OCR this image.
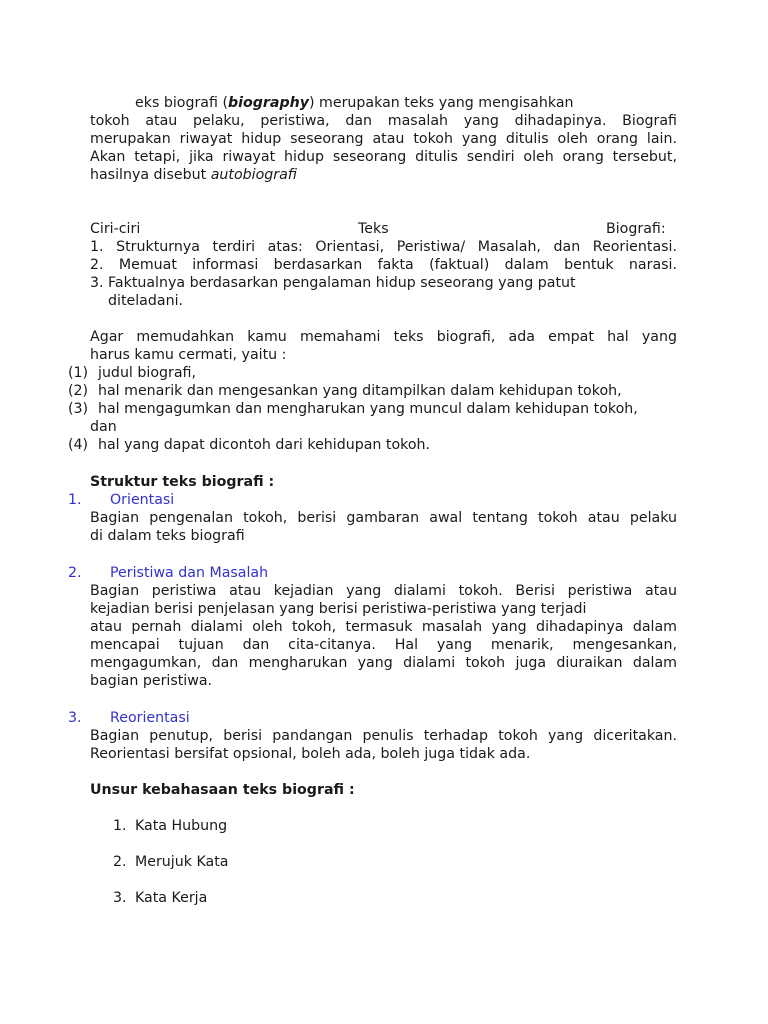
eks biografi (biography) merupakan teks yang mengisahkan
tokoh atau pelaku, peristiwa, dan masalah yang dihadapinya. Biografi
merupakan riwayat hidup seseorang atau tokoh yang ditulis oleh orang lain.
Akan tetapi, jika riwayat hidup seseorang ditulis sendiri oleh orang tersebut,
hasilnya disebut autobiografi
Ciri-ciri	Teks	Biografi:
1. Strukturnya terdiri atas: Orientasi, Peristiwa/ Masalah, dan Reorientasi.
2. Memuat informasi berdasarkan fakta (faktual) dalam bentuk narasi.
3. Faktualnya berdasarkan pengalaman hidup seseorang yang patut
diteladani.
Agar memudahkan kamu memahami teks biografi, ada empat hal yang
harus kamu cermati, yaitu :
(1) judul biografi,
(2) hal menarik dan mengesankan yang ditampilkan dalam kehidupan tokoh,
(3) hal mengagumkan dan mengharukan yang muncul dalam kehidupan tokoh,
dan
(4) hal yang dapat dicontoh dari kehidupan tokoh.
Struktur teks biografi :
1. Orientasi
Bagian pengenalan tokoh, berisi gambaran awal tentang tokoh atau pelaku
di dalam teks biografi
2. Peristiwa dan Masalah
Bagian peristiwa atau kejadian yang dialami tokoh. Berisi peristiwa atau
kejadian berisi penjelasan yang berisi peristiwa-peristiwa yang terjadi
atau pernah dialami oleh tokoh, termasuk masalah yang dihadapinya dalam
mencapai tujuan dan cita-citanya. Hal yang menarik, mengesankan,
mengagumkan, dan mengharukan yang dialami tokoh juga diuraikan dalam
bagian peristiwa.
3. Reorientasi
Bagian penutup, berisi pandangan penulis terhadap tokoh yang diceritakan.
Reorientasi bersifat opsional, boleh ada, boleh juga tidak ada.
Unsur kebahasaan teks biografi :
1. Kata Hubung
2. Merujuk Kata
3. Kata Kerja
